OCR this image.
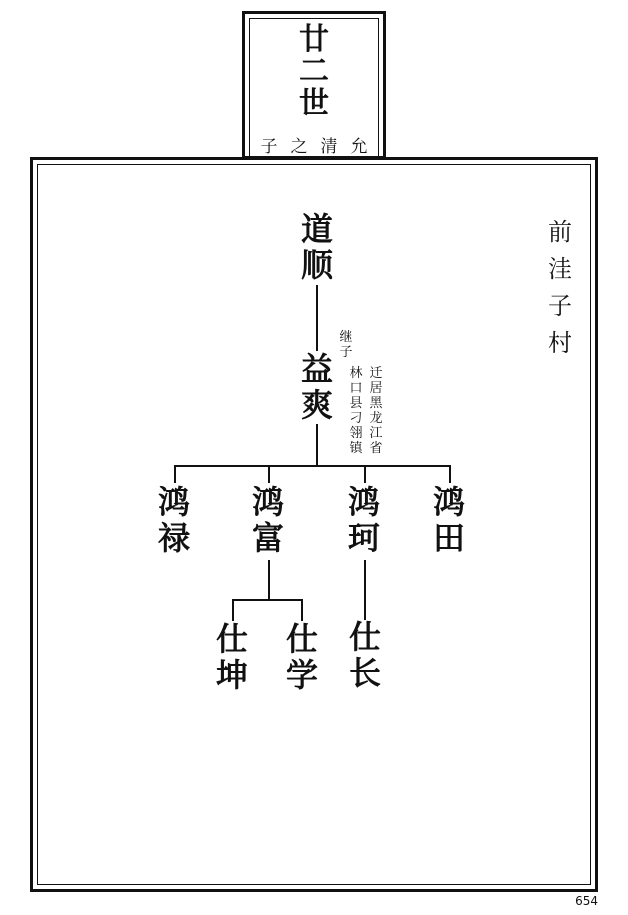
廿
二
世
子之清允
前
洼
子
村
道
顺
益
爽
鸿
禄
鸿
富
鸿
珂
鸿
田
仕
坤
仕
学
仕
长
继
子
林
口
县
刁
翎
镇
迁
居
黑
龙
江
省
654
